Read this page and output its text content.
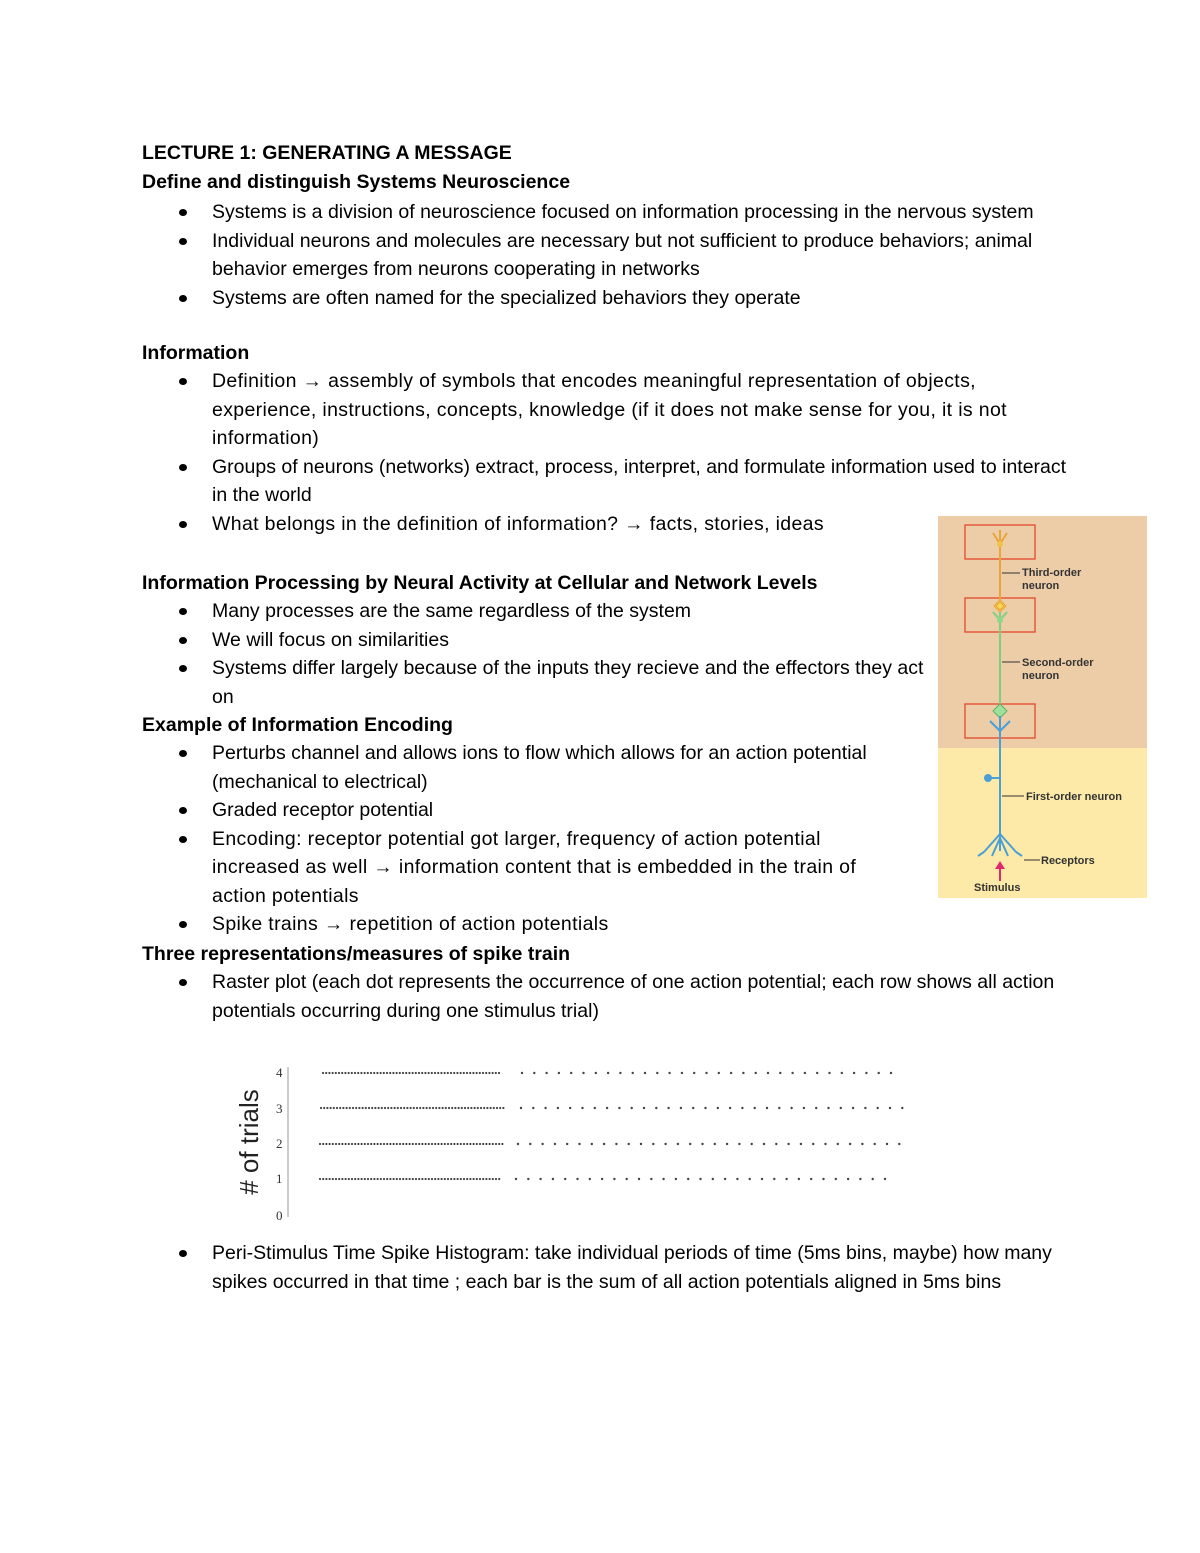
LECTURE 1: GENERATING A MESSAGE
Define and distinguish Systems Neuroscience
Systems is a division of neuroscience focused on information processing in the nervous system
Individual neurons and molecules are necessary but not sufficient to produce behaviors; animal behavior emerges from neurons cooperating in networks
Systems are often named for the specialized behaviors they operate
Information
Definition → assembly of symbols that encodes meaningful representation of objects, experience, instructions, concepts, knowledge (if it does not make sense for you, it is not information)
Groups of neurons (networks) extract, process, interpret, and formulate information used to interact in the world
What belongs in the definition of information? → facts, stories, ideas
Information Processing by Neural Activity at Cellular and Network Levels
Many processes are the same regardless of the system
We will focus on similarities
Systems differ largely because of the inputs they recieve and the effectors they act on
Example of Information Encoding
Perturbs channel and allows ions to flow which allows for an action potential (mechanical to electrical)
Graded receptor potential
Encoding: receptor potential got larger, frequency of action potential increased as well → information content that is embedded in the train of action potentials
Spike trains → repetition of action potentials
Three representations/measures of spike train
Raster plot (each dot represents the occurrence of one action potential; each row shows all action potentials occurring during one stimulus trial)
Peri-Stimulus Time Spike Histogram: take individual periods of time (5ms bins, maybe) how many spikes occurred in that time ; each bar is the sum of all action potentials aligned in 5ms bins
Third-order
neuron
Second-order
neuron
First-order neuron
Receptors
Stimulus
# of trials
4
3
2
1
0
